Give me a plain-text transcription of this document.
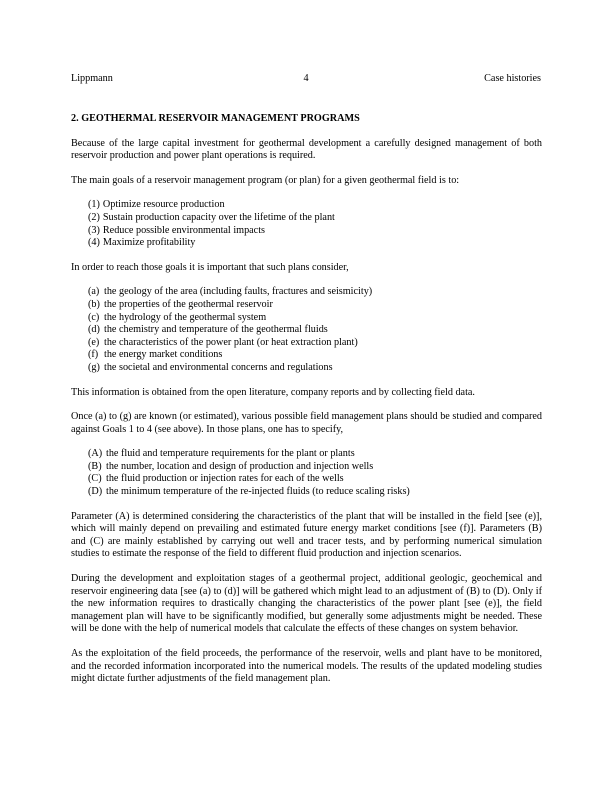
Lippmann	4	Case histories
2. GEOTHERMAL RESERVOIR MANAGEMENT PROGRAMS

Because of the large capital investment for geothermal development a carefully designed management of both reservoir production and power plant operations is required.

The main goals of a reservoir management program (or plan) for a given geothermal field is to:

(1) Optimize resource production
(2) Sustain production capacity over the lifetime of the plant
(3) Reduce possible environmental impacts
(4) Maximize profitability

In order to reach those goals it is important that such plans consider,

(a) the geology of the area (including faults, fractures and seismicity)
(b) the properties of the geothermal reservoir
(c) the hydrology of the geothermal system
(d) the chemistry and temperature of the geothermal fluids
(e) the characteristics of the power plant (or heat extraction plant)
(f) the energy market conditions
(g) the societal and environmental concerns and regulations

This information is obtained from the open literature, company reports and by collecting field data.

Once (a) to (g) are known (or estimated), various possible field management plans should be studied and compared against Goals 1 to 4 (see above). In those plans, one has to specify,

(A) the fluid and temperature requirements for the plant or plants
(B) the number, location and design of production and injection wells
(C) the fluid production or injection rates for each of the wells
(D) the minimum temperature of the re-injected fluids (to reduce scaling risks)

Parameter (A) is determined considering the characteristics of the plant that will be installed in the field [see (e)], which will mainly depend on prevailing and estimated future energy market conditions [see (f)]. Parameters (B) and (C) are mainly established by carrying out well and tracer tests, and by performing numerical simulation studies to estimate the response of the field to different fluid production and injection scenarios.

During the development and exploitation stages of a geothermal project, additional geologic, geochemical and reservoir engineering data [see (a) to (d)] will be gathered which might lead to an adjustment of (B) to (D). Only if the new information requires to drastically changing the characteristics of the power plant [see (e)], the field management plan will have to be significantly modified, but generally some adjustments might be needed. These will be done with the help of numerical models that calculate the effects of these changes on system behavior.

As the exploitation of the field proceeds, the performance of the reservoir, wells and plant have to be monitored, and the recorded information incorporated into the numerical models. The results of the updated modeling studies might dictate further adjustments of the field management plan.
